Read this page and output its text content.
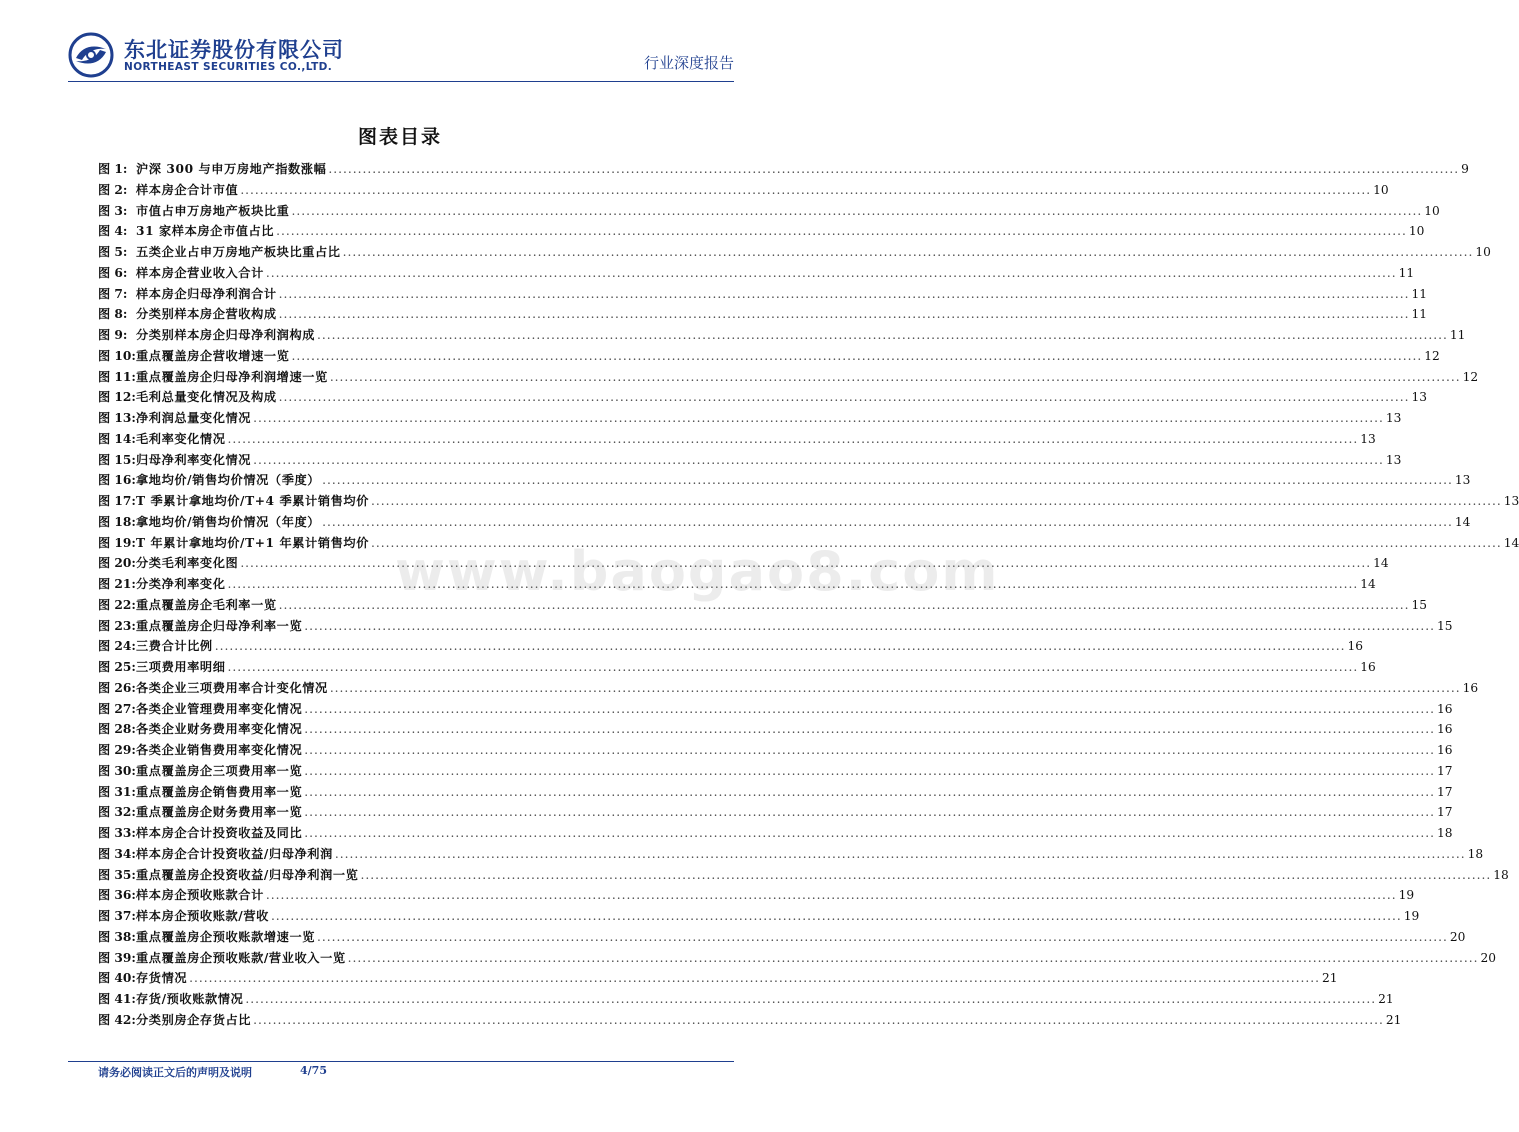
东北证券股份有限公司
NORTHEAST SECURITIES CO.,LTD.	行业深度报告
图表目录
图 1: 沪深 300 与申万房地产指数涨幅 .....	9
图 2: 样本房企合计市值 .....	10
图 3: 市值占申万房地产板块比重 .....	10
图 4: 31 家样本房企市值占比 .....	10
图 5: 五类企业占申万房地产板块比重占比 .....	10
图 6: 样本房企营业收入合计 .....	11
图 7: 样本房企归母净利润合计 .....	11
图 8: 分类别样本房企营收构成 .....	11
图 9: 分类别样本房企归母净利润构成 .....	11
图 10: 重点覆盖房企营收增速一览 .....	12
图 11: 重点覆盖房企归母净利润增速一览 .....	12
图 12: 毛利总量变化情况及构成 .....	13
图 13: 净利润总量变化情况 .....	13
图 14: 毛利率变化情况 .....	13
图 15: 归母净利率变化情况 .....	13
图 16: 拿地均价/销售均价情况（季度） .....	13
图 17: T 季累计拿地均价/T+4 季累计销售均价 .....	13
图 18: 拿地均价/销售均价情况（年度） .....	14
图 19: T 年累计拿地均价/T+1 年累计销售均价 .....	14
图 20: 分类毛利率变化图 .....	14
图 21: 分类净利率变化 .....	14
图 22: 重点覆盖房企毛利率一览 .....	15
图 23: 重点覆盖房企归母净利率一览 .....	15
图 24: 三费合计比例 .....	16
图 25: 三项费用率明细 .....	16
图 26: 各类企业三项费用率合计变化情况 .....	16
图 27: 各类企业管理费用率变化情况 .....	16
图 28: 各类企业财务费用率变化情况 .....	16
图 29: 各类企业销售费用率变化情况 .....	16
图 30: 重点覆盖房企三项费用率一览 .....	17
图 31: 重点覆盖房企销售费用率一览 .....	17
图 32: 重点覆盖房企财务费用率一览 .....	17
图 33: 样本房企合计投资收益及同比 .....	18
图 34: 样本房企合计投资收益/归母净利润 .....	18
图 35: 重点覆盖房企投资收益/归母净利润一览 .....	18
图 36: 样本房企预收账款合计 .....	19
图 37: 样本房企预收账款/营收 .....	19
图 38: 重点覆盖房企预收账款增速一览 .....	20
图 39: 重点覆盖房企预收账款/营业收入一览 .....	20
图 40: 存货情况 .....	21
图 41: 存货/预收账款情况 .....	21
图 42: 分类别房企存货占比 .....	21
www.baogao8.com
请务必阅读正文后的声明及说明	4/75
